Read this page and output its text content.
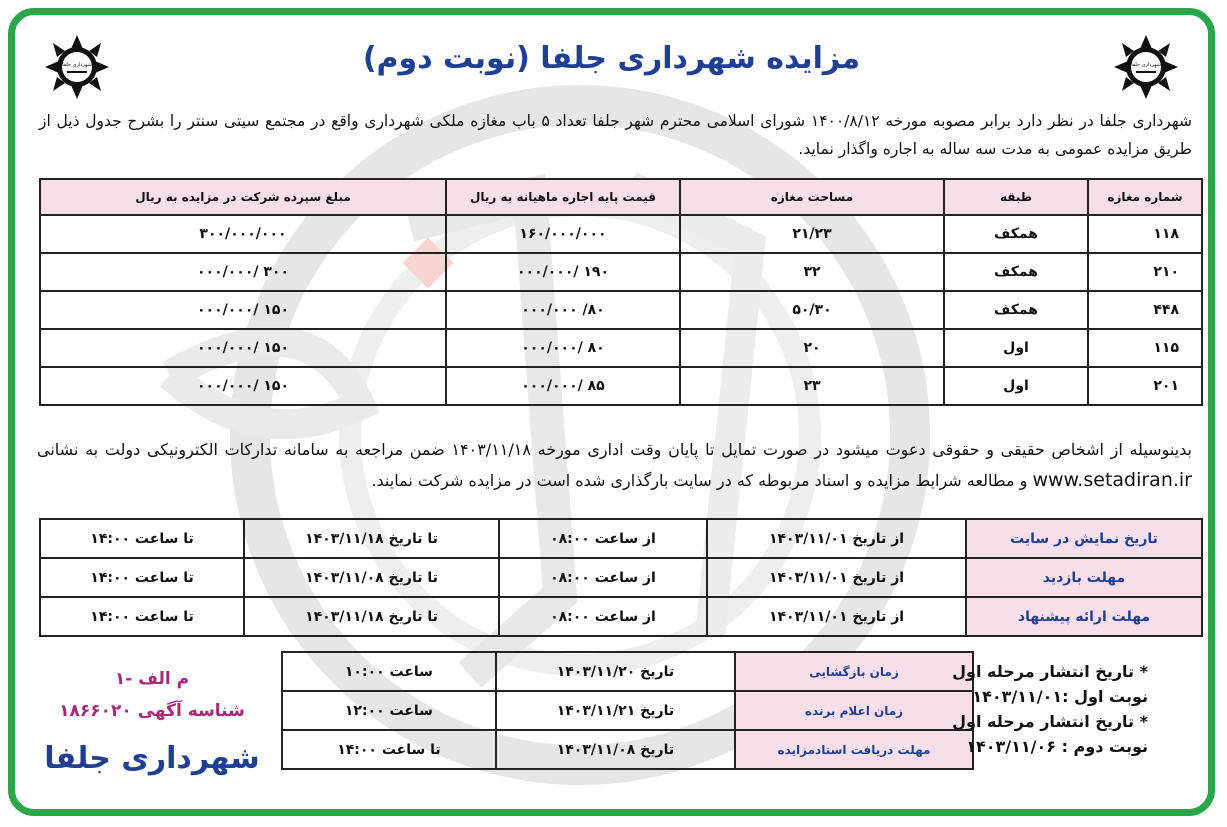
شهرداری جلفا	شهرداری جلفا
مزایده شهرداری جلفا (نوبت دوم)
شهرداری جلفا در نظر دارد برابر مصوبه مورخه ۱۴۰۰/۸/۱۲ شورای اسلامی محترم شهر جلفا تعداد ۵ باب مغازه ملکی شهرداری واقع در مجتمع سیتی سنتر را بشرح جدول ذیل از طریق مزایده عمومی به مدت سه ساله به اجاره واگذار نمايد.
شماره مغازه	طبقه	مساحت مغازه	قیمت پایه اجاره ماهیانه به ریال	مبلغ سپرده شرکت در مزایده به ریال
۱۱۸	همکف	۲۱/۲۳	۱۶۰/۰۰۰/۰۰۰	۳۰۰/۰۰۰/۰۰۰
۲۱۰	همکف	۳۲	۱۹۰ /۰۰۰/۰۰۰	۳۰۰ /۰۰۰/۰۰۰
۴۴۸	همکف	۵۰/۳۰	۸۰/ ۰۰۰/۰۰۰	۱۵۰ /۰۰۰/۰۰۰
۱۱۵	اول	۲۰	۸۰ /۰۰۰/۰۰۰	۱۵۰ /۰۰۰/۰۰۰
۲۰۱	اول	۲۳	۸۵ /۰۰۰/۰۰۰	۱۵۰ /۰۰۰/۰۰۰
بدینوسیله از اشخاص حقیقی و حقوقی دعوت میشود در صورت تمایل تا پایان وقت اداری مورخه ۱۴۰۳/۱۱/۱۸ ضمن مراجعه به سامانه تدارکات الکترونیکی دولت به نشانی www.setadiran.ir و مطالعه شرایط مزایده و اسناد مربوطه که در سایت بارگذاری شده است در مزایده شرکت نمایند.
تاریخ نمایش در سایت	از تاریخ ۱۴۰۳/۱۱/۰۱	از ساعت ۰۸:۰۰	تا تاریخ ۱۴۰۳/۱۱/۱۸	تا ساعت ۱۴:۰۰
مهلت بازدید	از تاریخ ۱۴۰۳/۱۱/۰۱	از ساعت ۰۸:۰۰	تا تاریخ ۱۴۰۳/۱۱/۰۸	تا ساعت ۱۴:۰۰
مهلت ارائه پیشنهاد	از تاریخ ۱۴۰۳/۱۱/۰۱	از ساعت ۰۸:۰۰	تا تاریخ ۱۴۰۳/۱۱/۱۸	تا ساعت ۱۴:۰۰
زمان بازگشایی	تاریخ ۱۴۰۳/۱۱/۲۰	ساعت ۱۰:۰۰
زمان اعلام برنده	تاریخ ۱۴۰۳/۱۱/۲۱	ساعت ۱۲:۰۰
مهلت دریافت اسنادمزایده	تاریخ ۱۴۰۳/۱۱/۰۸	تا ساعت ۱۴:۰۰
* تاریخ انتشار مرحله اول
نوبت اول :۱۴۰۳/۱۱/۰۱
* تاریخ انتشار مرحله اول
نوبت دوم : ۱۴۰۳/۱۱/۰۶
م الف -۱
شناسه آگهی ۱۸۶۶۰۲۰
شهرداری جلفا
